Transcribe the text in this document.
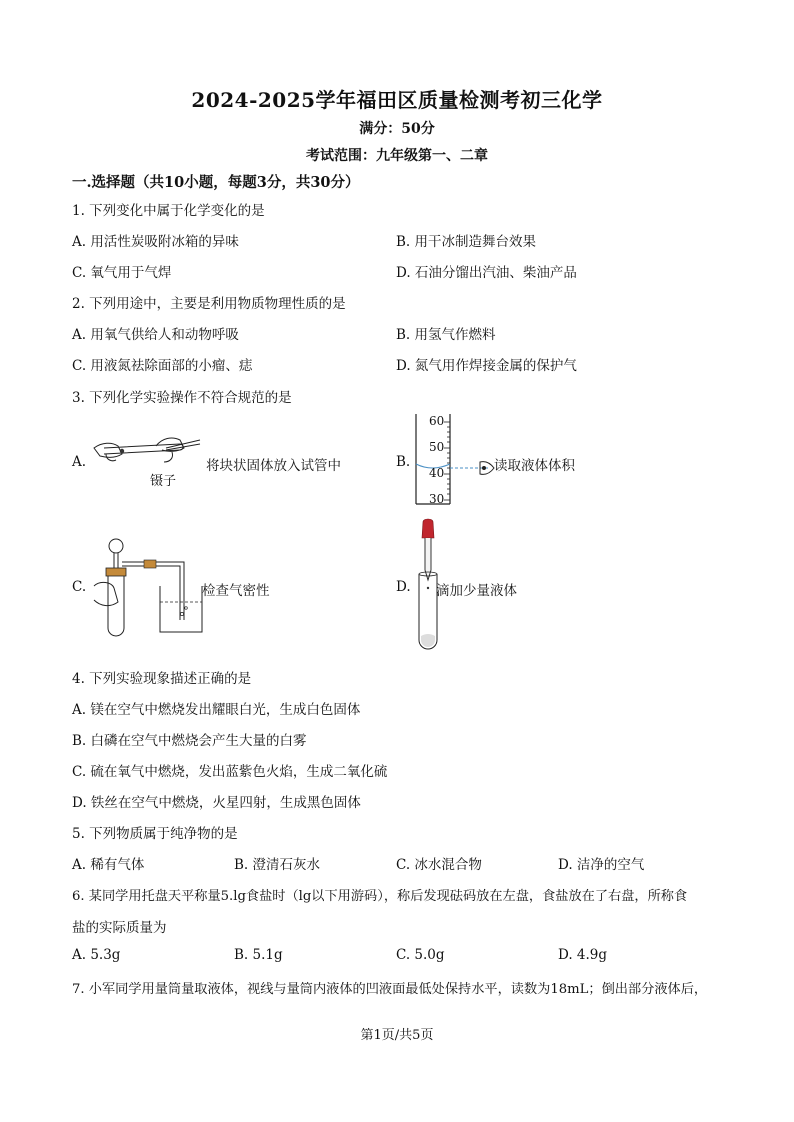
2024-2025学年福田区质量检测考初三化学
满分：50分
考试范围：九年级第一、二章
一.选择题（共10小题，每题3分，共30分）
1. 下列变化中属于化学变化的是
A. 用活性炭吸附冰箱的异味	B. 用干冰制造舞台效果
C. 氧气用于气焊	D. 石油分馏出汽油、柴油产品
2. 下列用途中，主要是利用物质物理性质的是
A. 用氧气供给人和动物呼吸	B. 用氢气作燃料
C. 用液氮祛除面部的小瘤、痣	D. 氮气用作焊接金属的保护气
3. 下列化学实验操作不符合规范的是
A.
镊子
将块状固体放入试管中	B.
60
50
40
30
读取液体体积
C.	检查气密性	D. 滴加少量液体
4. 下列实验现象描述正确的是
A. 镁在空气中燃烧发出耀眼白光，生成白色固体
B. 白磷在空气中燃烧会产生大量的白雾
C. 硫在氧气中燃烧，发出蓝紫色火焰，生成二氧化硫
D. 铁丝在空气中燃烧，火星四射，生成黑色固体
5. 下列物质属于纯净物的是
A. 稀有气体	B. 澄清石灰水	C. 冰水混合物	D. 洁净的空气
6. 某同学用托盘天平称量5.lg食盐时（lg以下用游码），称后发现砝码放在左盘，食盐放在了右盘，所称食
盐的实际质量为
A. 5.3g	B. 5.1g	C. 5.0g	D. 4.9g
7. 小军同学用量筒量取液体，视线与量筒内液体的凹液面最低处保持水平，读数为18mL；倒出部分液体后，
第1页/共5页
